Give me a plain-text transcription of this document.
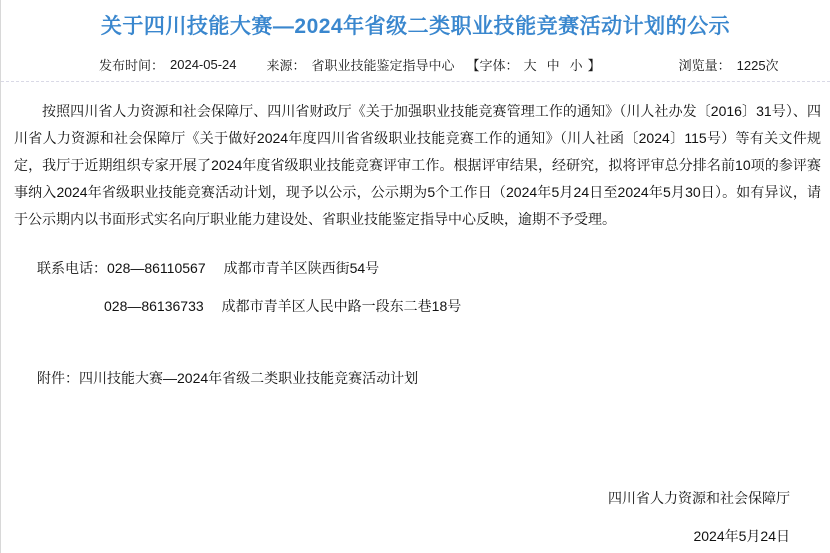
关于四川技能大赛—2024年省级二类职业技能竞赛活动计划的公示
发布时间： 2024-05-24 来源： 省职业技能鉴定指导中心 【字体： 大 中 小 】	浏览量： 1225次

按照四川省人力资源和社会保障厅、四川省财政厅《关于加强职业技能竞赛管理工作的通知》（川人社办发〔2016〕31号）、四川省人力资源和社会保障厅《关于做好2024年度四川省省级职业技能竞赛工作的通知》（川人社函〔2024〕115号）等有关文件规定，我厅于近期组织专家开展了2024年度省级职业技能竞赛评审工作。根据评审结果，经研究，拟将评审总分排名前10项的参评赛事纳入2024年省级职业技能竞赛活动计划，现予以公示，公示期为5个工作日（2024年5月24日至2024年5月30日）。如有异议，请于公示期内以书面形式实名向厅职业能力建设处、省职业技能鉴定指导中心反映，逾期不予受理。

联系电话：028—86110567 成都市青羊区陕西街54号
028—86136733 成都市青羊区人民中路一段东二巷18号
附件：四川技能大赛—2024年省级二类职业技能竞赛活动计划
四川省人力资源和社会保障厅
2024年5月24日
